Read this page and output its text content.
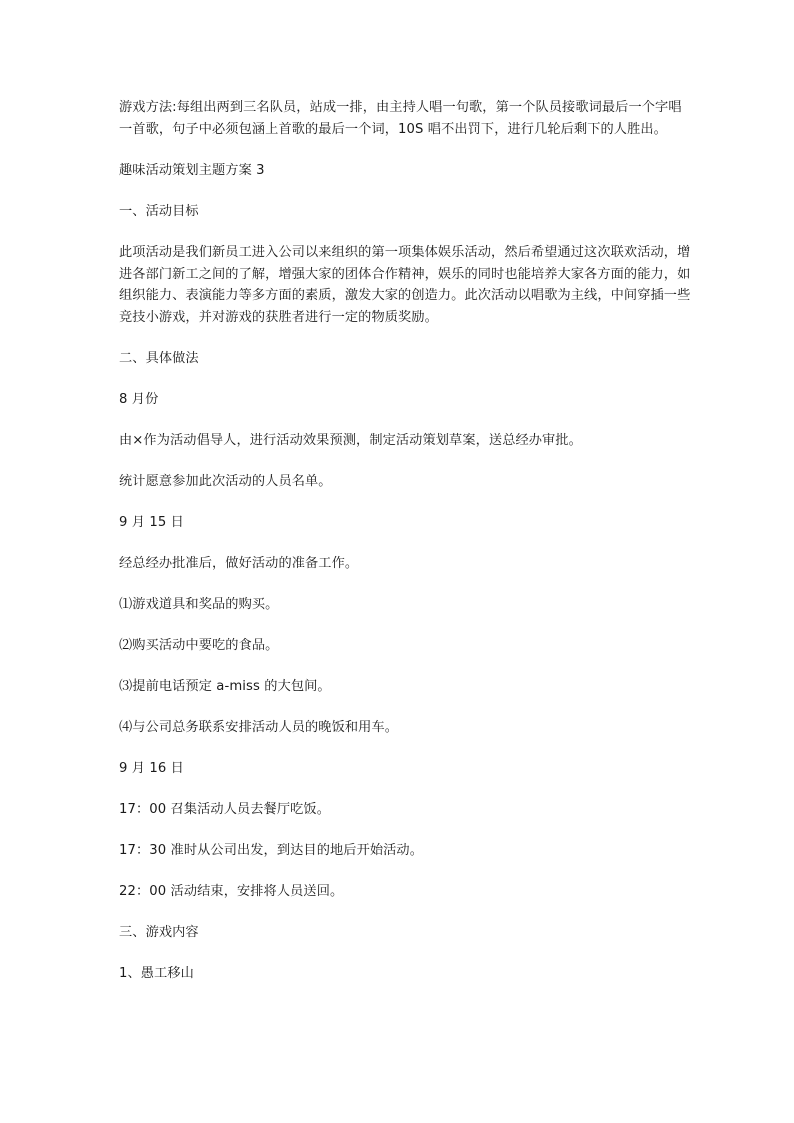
游戏方法:每组出两到三名队员，站成一排，由主持人唱一句歌，第一个队员接歌词最后一个字唱一首歌，句子中必须包涵上首歌的最后一个词，10S 唱不出罚下，进行几轮后剩下的人胜出。

趣味活动策划主题方案 3

一、活动目标

此项活动是我们新员工进入公司以来组织的第一项集体娱乐活动，然后希望通过这次联欢活动，增进各部门新工之间的了解，增强大家的团体合作精神，娱乐的同时也能培养大家各方面的能力，如组织能力、表演能力等多方面的素质，激发大家的创造力。此次活动以唱歌为主线，中间穿插一些竞技小游戏，并对游戏的获胜者进行一定的物质奖励。

二、具体做法

8 月份

由×作为活动倡导人，进行活动效果预测，制定活动策划草案，送总经办审批。

统计愿意参加此次活动的人员名单。

9 月 15 日

经总经办批准后，做好活动的准备工作。

⑴游戏道具和奖品的购买。

⑵购买活动中要吃的食品。

⑶提前电话预定 a-miss 的大包间。

⑷与公司总务联系安排活动人员的晚饭和用车。

9 月 16 日

17：00 召集活动人员去餐厅吃饭。

17：30 准时从公司出发，到达目的地后开始活动。

22：00 活动结束，安排将人员送回。

三、游戏内容

1、愚工移山
